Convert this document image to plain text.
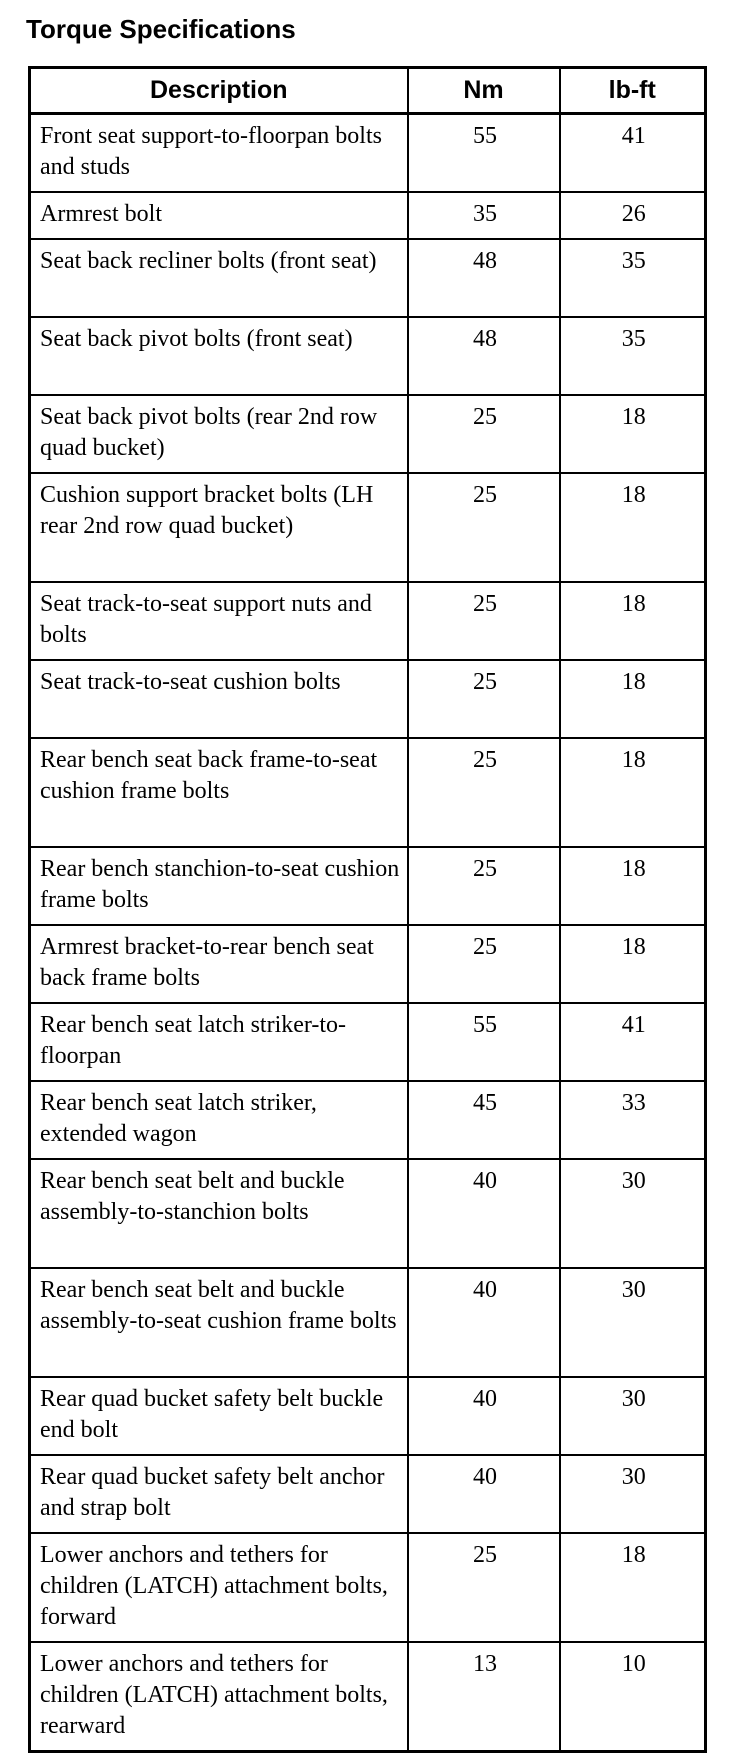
Torque Specifications
Description	Nm	lb-ft
Front seat support-to-floorpan bolts and studs	55	41
Armrest bolt	35	26
Seat back recliner bolts (front seat)	48	35
Seat back pivot bolts (front seat)	48	35
Seat back pivot bolts (rear 2nd row quad bucket)	25	18
Cushion support bracket bolts (LH rear 2nd row quad bucket)	25	18
Seat track-to-seat support nuts and bolts	25	18
Seat track-to-seat cushion bolts	25	18
Rear bench seat back frame-to-seat cushion frame bolts	25	18
Rear bench stanchion-to-seat cushion frame bolts	25	18
Armrest bracket-to-rear bench seat back frame bolts	25	18
Rear bench seat latch striker-to-floorpan	55	41
Rear bench seat latch striker, extended wagon	45	33
Rear bench seat belt and buckle assembly-to-stanchion bolts	40	30
Rear bench seat belt and buckle assembly-to-seat cushion frame bolts	40	30
Rear quad bucket safety belt buckle end bolt	40	30
Rear quad bucket safety belt anchor and strap bolt	40	30
Lower anchors and tethers for children (LATCH) attachment bolts, forward	25	18
Lower anchors and tethers for children (LATCH) attachment bolts, rearward	13	10
